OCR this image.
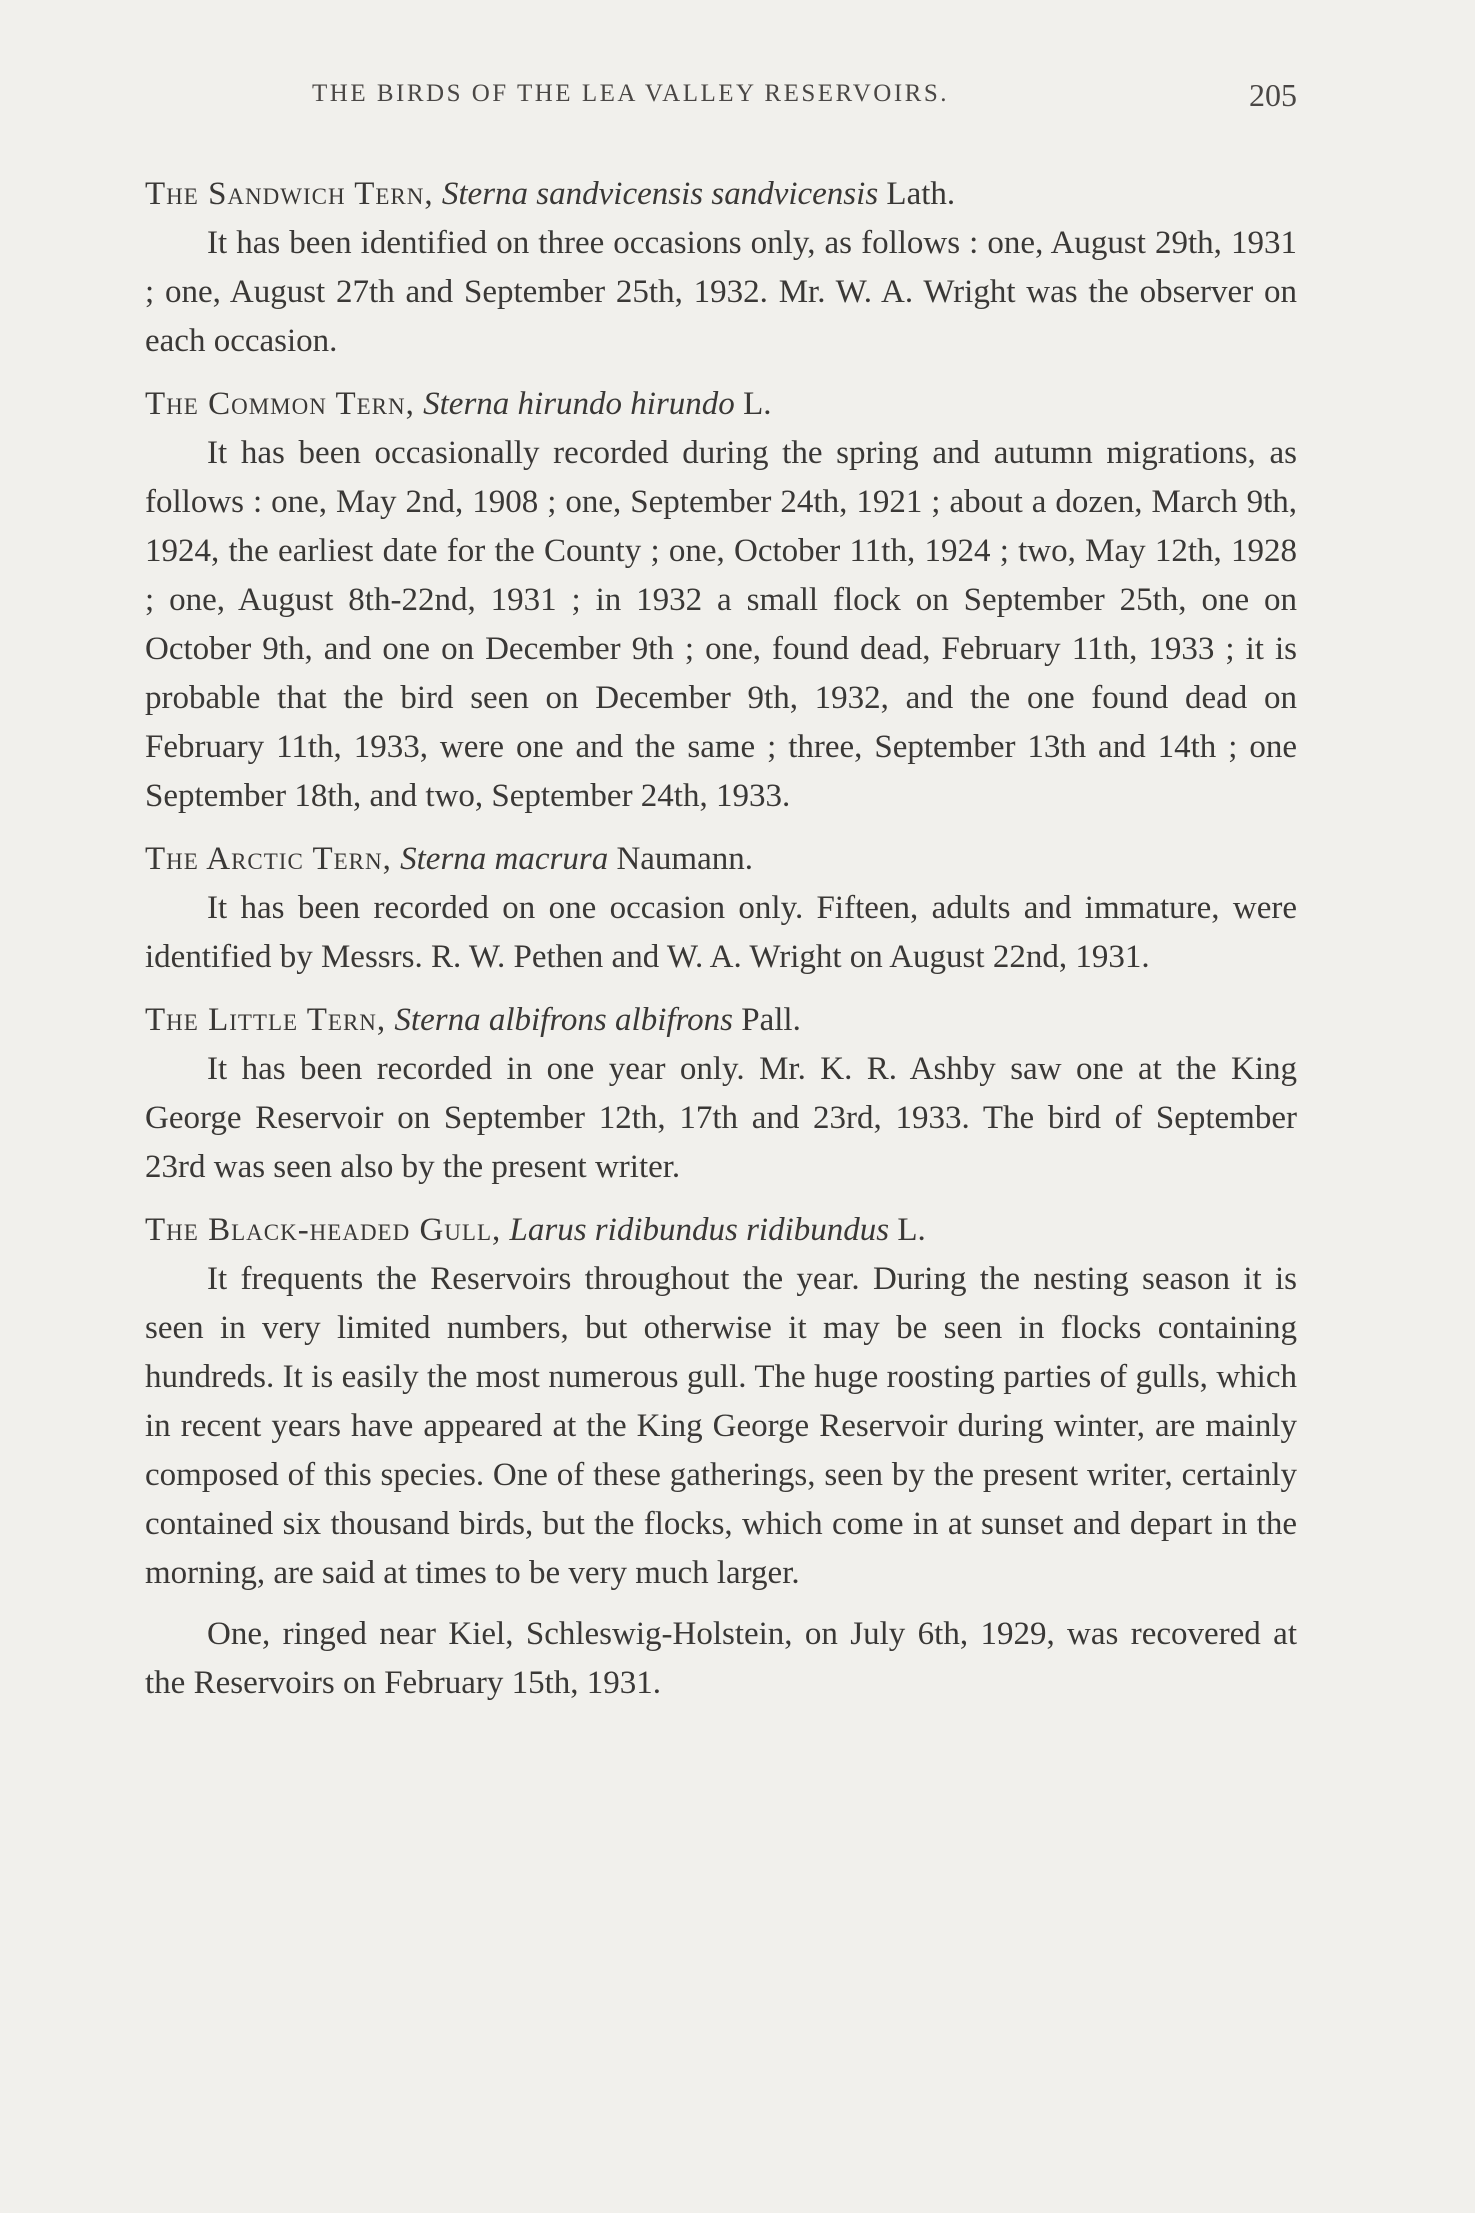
THE BIRDS OF THE LEA VALLEY RESERVOIRS.	205

The Sandwich Tern, Sterna sandvicensis sandvicensis Lath.

It has been identified on three occasions only, as follows : one, August 29th, 1931 ; one, August 27th and September 25th, 1932. Mr. W. A. Wright was the observer on each occasion.

The Common Tern, Sterna hirundo hirundo L.

It has been occasionally recorded during the spring and autumn migrations, as follows : one, May 2nd, 1908 ; one, September 24th, 1921 ; about a dozen, March 9th, 1924, the earliest date for the County ; one, October 11th, 1924 ; two, May 12th, 1928 ; one, August 8th-22nd, 1931 ; in 1932 a small flock on September 25th, one on October 9th, and one on December 9th ; one, found dead, February 11th, 1933 ; it is probable that the bird seen on December 9th, 1932, and the one found dead on February 11th, 1933, were one and the same ; three, September 13th and 14th ; one September 18th, and two, September 24th, 1933.

The Arctic Tern, Sterna macrura Naumann.

It has been recorded on one occasion only. Fifteen, adults and immature, were identified by Messrs. R. W. Pethen and W. A. Wright on August 22nd, 1931.

The Little Tern, Sterna albifrons albifrons Pall.

It has been recorded in one year only. Mr. K. R. Ashby saw one at the King George Reservoir on September 12th, 17th and 23rd, 1933. The bird of September 23rd was seen also by the present writer.

The Black-headed Gull, Larus ridibundus ridibundus L.

It frequents the Reservoirs throughout the year. During the nesting season it is seen in very limited numbers, but otherwise it may be seen in flocks containing hundreds. It is easily the most numerous gull. The huge roosting parties of gulls, which in recent years have appeared at the King George Reservoir during winter, are mainly composed of this species. One of these gatherings, seen by the present writer, certainly contained six thousand birds, but the flocks, which come in at sunset and depart in the morning, are said at times to be very much larger.

One, ringed near Kiel, Schleswig-Holstein, on July 6th, 1929, was recovered at the Reservoirs on February 15th, 1931.
